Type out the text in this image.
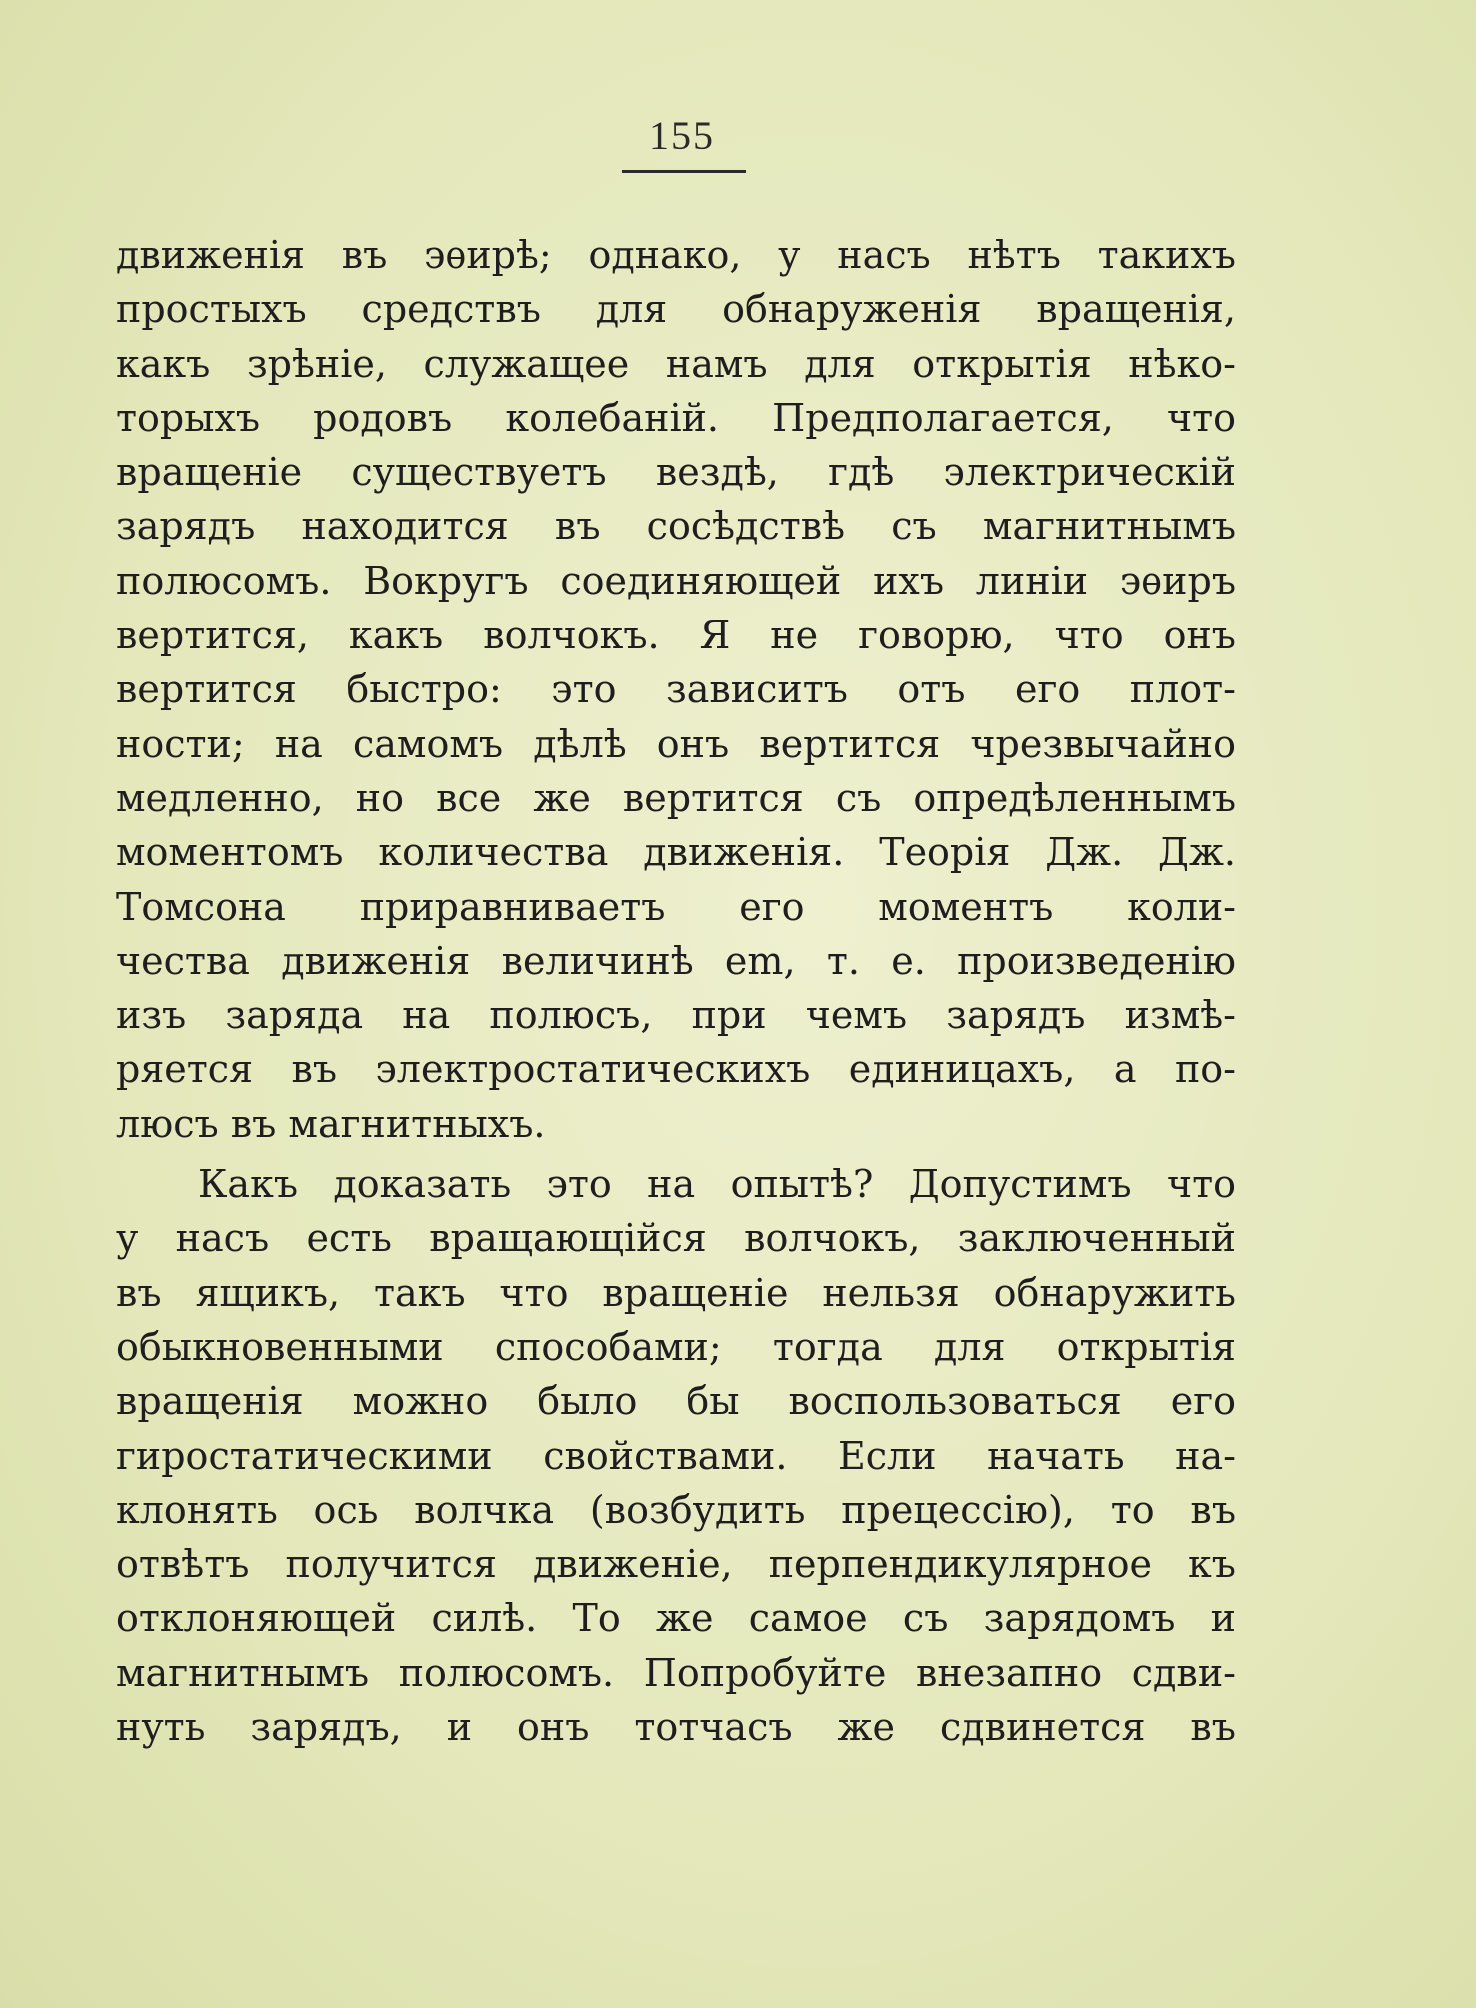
155
движенія въ эѳирѣ; однако, у насъ нѣтъ такихъ
простыхъ средствъ для обнаруженія вращенія,
какъ зрѣніе, служащее намъ для открытія нѣко-
торыхъ родовъ колебаній. Предполагается, что
вращеніе существуетъ вездѣ, гдѣ электрическій
зарядъ находится въ сосѣдствѣ съ магнитнымъ
полюсомъ. Вокругъ соединяющей ихъ линіи эѳиръ
вертится, какъ волчокъ. Я не говорю, что онъ
вертится быстро: это зависитъ отъ его плот-
ности; на самомъ дѣлѣ онъ вертится чрезвычайно
медленно, но все же вертится съ опредѣленнымъ
моментомъ количества движенія. Теорія Дж. Дж.
Томсона приравниваетъ его моментъ коли-
чества движенія величинѣ em, т. е. произведенію
изъ заряда на полюсъ, при чемъ зарядъ измѣ-
ряется въ электростатическихъ единицахъ, а по-
люсъ въ магнитныхъ.
Какъ доказать это на опытѣ? Допустимъ что
у насъ есть вращающійся волчокъ, заключенный
въ ящикъ, такъ что вращеніе нельзя обнаружить
обыкновенными способами; тогда для открытія
вращенія можно было бы воспользоваться его
гиростатическими свойствами. Если начать на-
клонять ось волчка (возбудить прецессію), то въ
отвѣтъ получится движеніе, перпендикулярное къ
отклоняющей силѣ. То же самое съ зарядомъ и
магнитнымъ полюсомъ. Попробуйте внезапно сдви-
нуть зарядъ, и онъ тотчасъ же сдвинется въ
